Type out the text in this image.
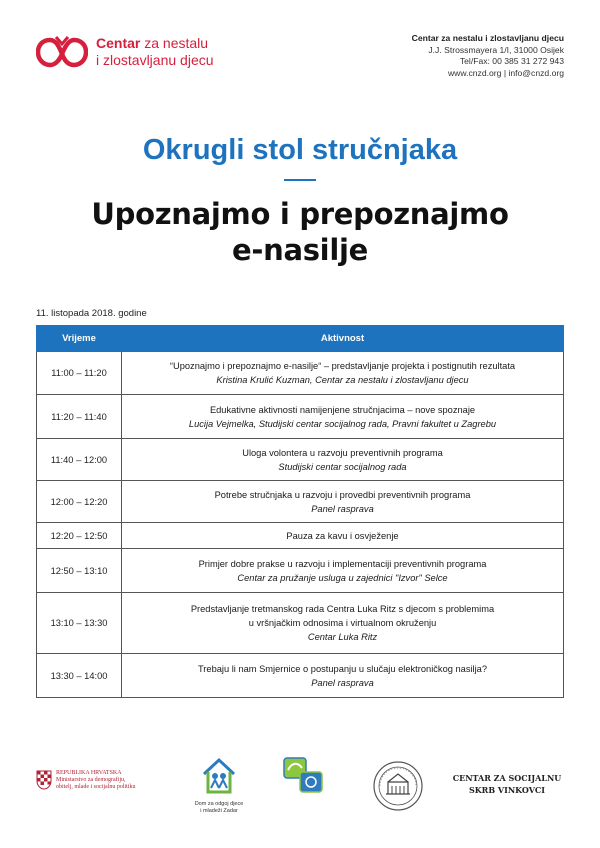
Centar za nestalu
i zlostavljanu djecu
Centar za nestalu i zlostavljanu djecu
J.J. Strossmayera 1/I, 31000 Osijek
Tel/Fax: 00 385 31 272 943
www.cnzd.org | info@cnzd.org
Okrugli stol stručnjaka
Upoznajmo i prepoznajmo
e-nasilje
11. listopada 2018. godine
Vrijeme	Aktivnost
11:00 – 11:20	“Upoznajmo i prepoznajmo e-nasilje“ – predstavljanje projekta i postignutih rezultata
Kristina Krulić Kuzman, Centar za nestalu i zlostavljanu djecu

11:20 – 11:40	Edukativne aktivnosti namijenjene stručnjacima – nove spoznaje
Lucija Vejmelka, Studijski centar socijalnog rada, Pravni fakultet u Zagrebu

11:40 – 12:00	Uloga volontera u razvoju preventivnih programa
Studijski centar socijalnog rada

12:00 – 12:20	Potrebe stručnjaka u razvoju i provedbi preventivnih programa
Panel rasprava

12:20 – 12:50	Pauza za kavu i osvježenje

12:50 – 13:10	Primjer dobre prakse u razvoju i implementaciji preventivnih programa
Centar za pružanje usluga u zajednici "Izvor" Selce

13:10 – 13:30	Predstavljanje tretmanskog rada Centra Luka Ritz s djecom s problemima
u vršnjačkim odnosima i virtualnom okruženju
Centar Luka Ritz

13:30 – 14:00	Trebaju li nam Smjernice o postupanju u slučaju elektroničkog nasilja?
Panel rasprava
REPUBLIKA HRVATSKA
Ministarstvo za demografiju,
obitelj, mlade i socijalnu politiku
Dom za odgoj djece
i mladeži Zadar
CENTAR ZA SOCIJALNU
SKRB VINKOVCI
